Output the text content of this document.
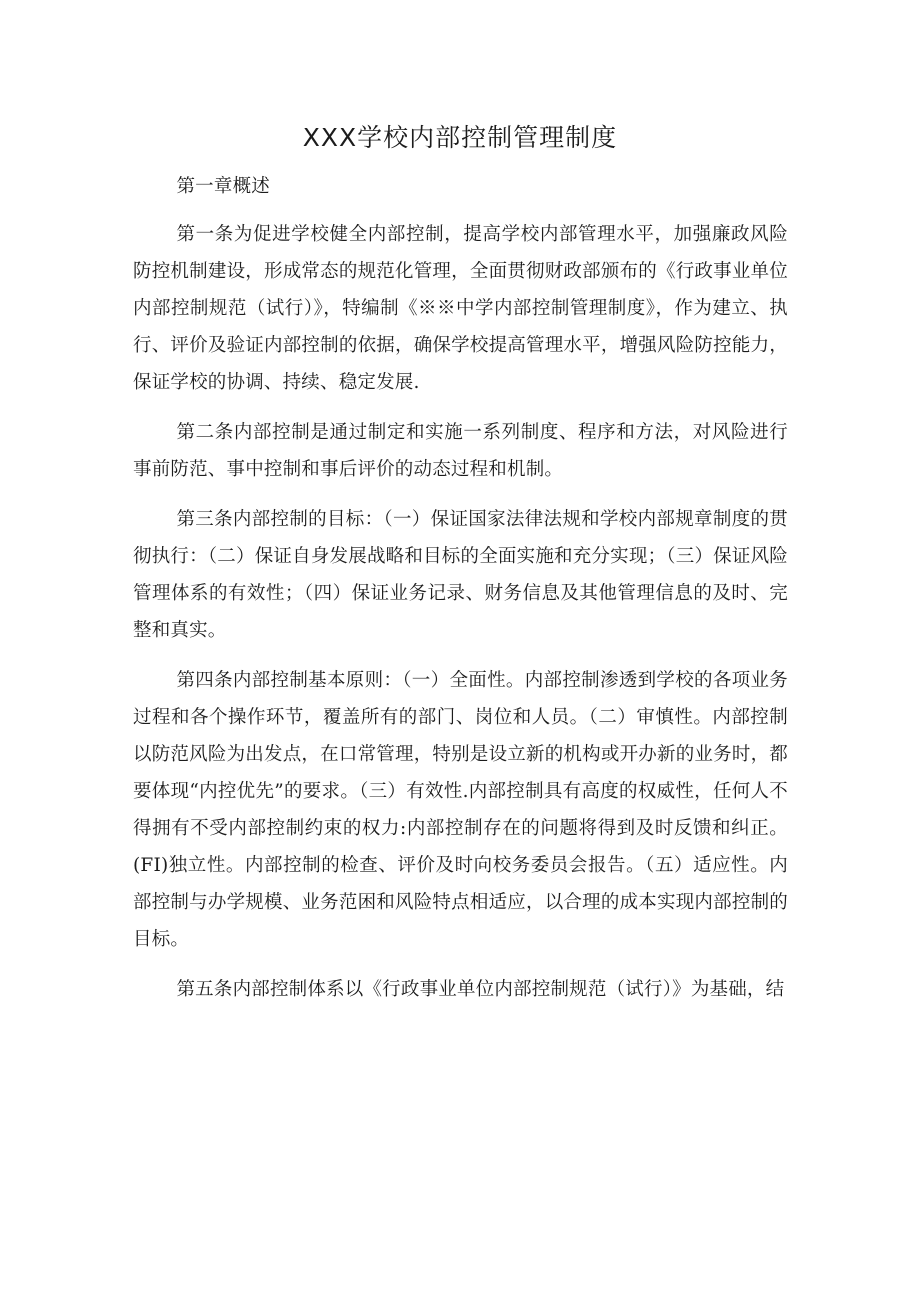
XXX学校内部控制管理制度

第一章概述

第一条为促进学校健全内部控制，提高学校内部管理水平，加强廉政风险防控机制建设，形成常态的规范化管理，全面贯彻财政部颁布的《行政事业单位内部控制规范（试行）》，特编制《※※中学内部控制管理制度》，作为建立、执行、评价及验证内部控制的依据，确保学校提高管理水平，增强风险防控能力，保证学校的协调、持续、稳定发展.

第二条内部控制是通过制定和实施一系列制度、程序和方法，对风险进行事前防范、事中控制和事后评价的动态过程和机制。

第三条内部控制的目标：（一）保证国家法律法规和学校内部规章制度的贯彻执行：（二）保证自身发展战略和目标的全面实施和充分实现；（三）保证风险管理体系的有效性；（四）保证业务记录、财务信息及其他管理信息的及时、完整和真实。

第四条内部控制基本原则：（一）全面性。内部控制渗透到学校的各项业务过程和各个操作环节，覆盖所有的部门、岗位和人员。（二）审慎性。内部控制以防范风险为出发点，在口常管理，特别是设立新的机构或开办新的业务时，都要体现“内控优先”的要求。（三）有效性.内部控制具有高度的权威性，任何人不得拥有不受内部控制约束的权力:内部控制存在的问题将得到及时反馈和纠正。(FI)独立性。内部控制的检查、评价及时向校务委员会报告。（五）适应性。内部控制与办学规模、业务范困和风险特点相适应，以合理的成本实现内部控制的目标。

第五条内部控制体系以《行政事业单位内部控制规范（试行）》为基础，结
